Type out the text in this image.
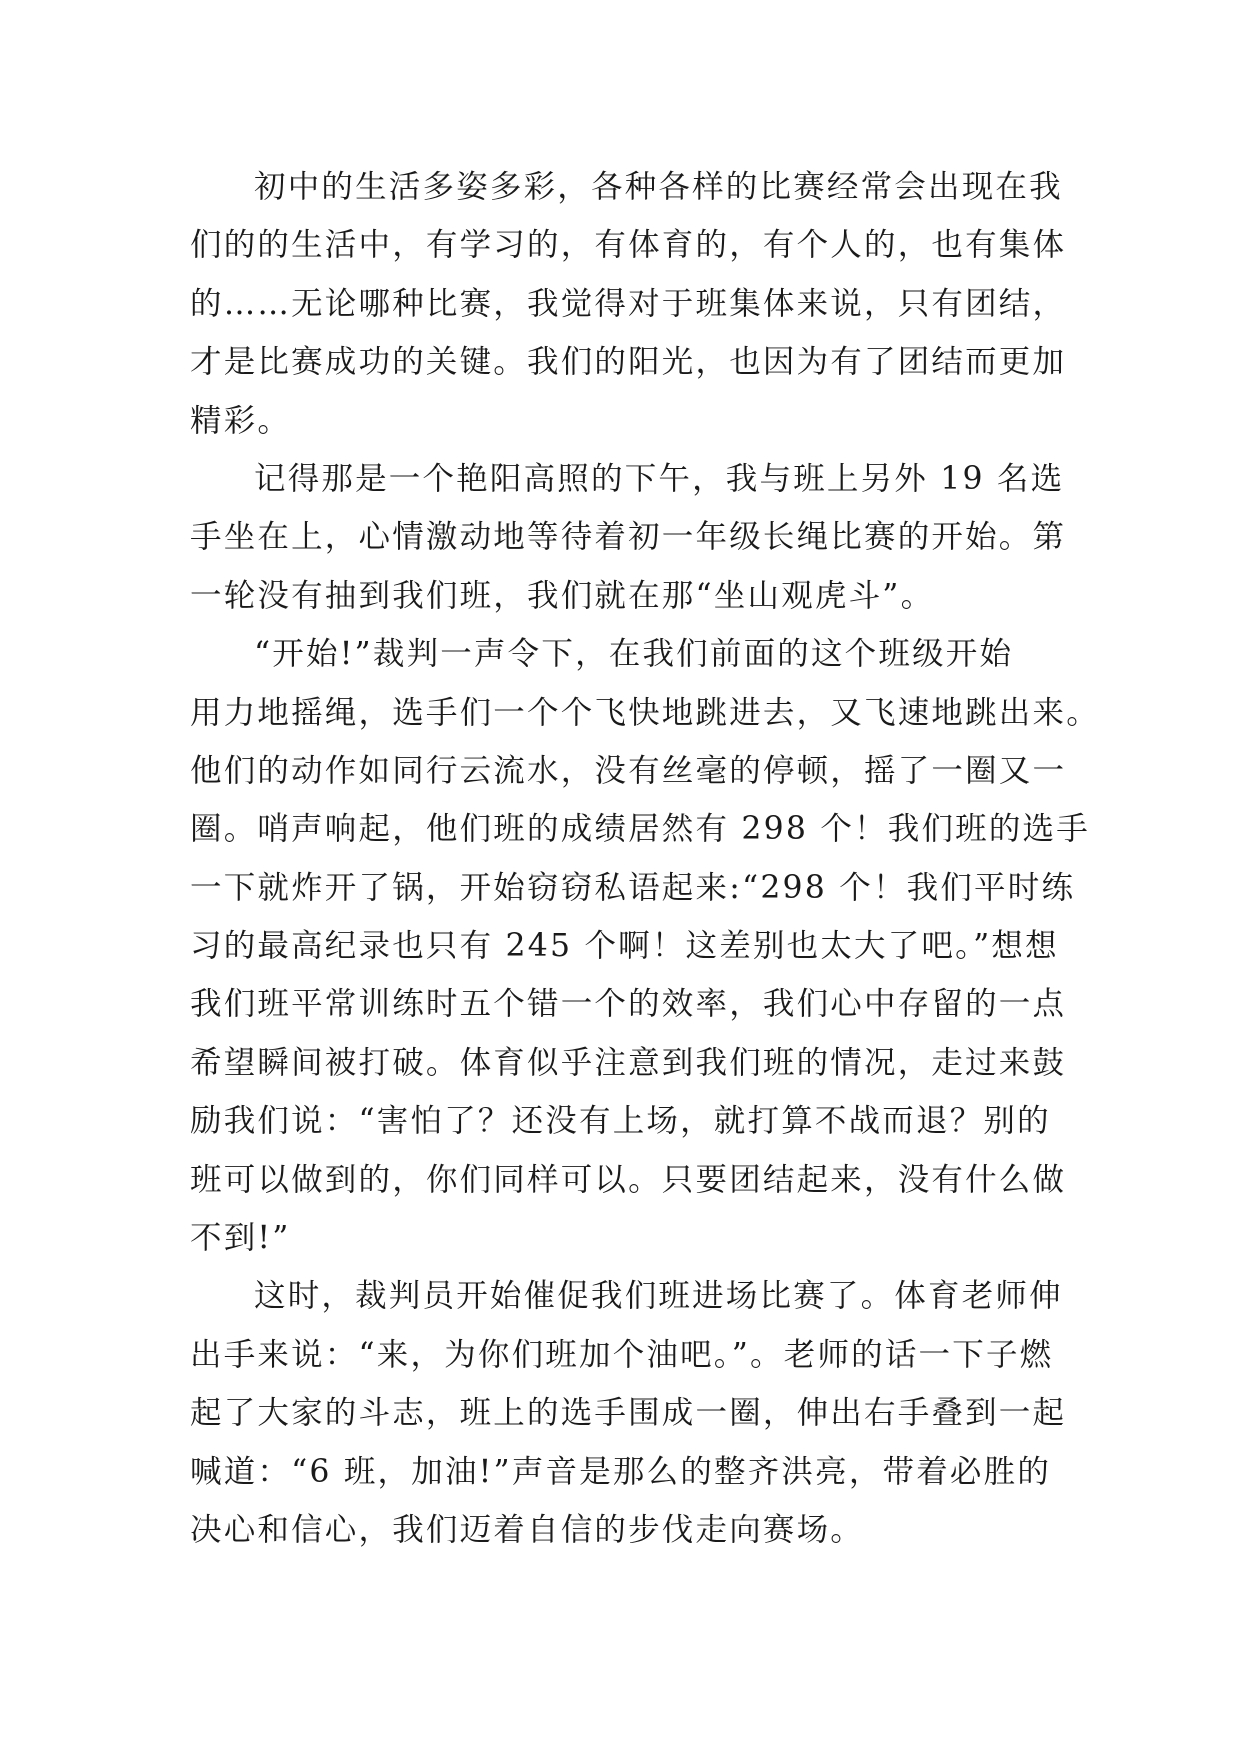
初中的生活多姿多彩，各种各样的比赛经常会出现在我
们的的生活中，有学习的，有体育的，有个人的，也有集体
的……无论哪种比赛，我觉得对于班集体来说，只有团结，
才是比赛成功的关键。我们的阳光，也因为有了团结而更加
精彩。
记得那是一个艳阳高照的下午，我与班上另外 19 名选
手坐在上，心情激动地等待着初一年级长绳比赛的开始。第
一轮没有抽到我们班，我们就在那“坐山观虎斗”。
“开始!”裁判一声令下，在我们前面的这个班级开始
用力地摇绳，选手们一个个飞快地跳进去，又飞速地跳出来。
他们的动作如同行云流水，没有丝毫的停顿，摇了一圈又一
圈。哨声响起，他们班的成绩居然有 298 个！我们班的选手
一下就炸开了锅，开始窃窃私语起来:“298 个！我们平时练
习的最高纪录也只有 245 个啊！这差别也太大了吧。”想想
我们班平常训练时五个错一个的效率，我们心中存留的一点
希望瞬间被打破。体育似乎注意到我们班的情况，走过来鼓
励我们说：“害怕了？还没有上场，就打算不战而退？别的
班可以做到的，你们同样可以。只要团结起来，没有什么做
不到!”
这时，裁判员开始催促我们班进场比赛了。体育老师伸
出手来说：“来，为你们班加个油吧。”。老师的话一下子燃
起了大家的斗志，班上的选手围成一圈，伸出右手叠到一起
喊道：“6 班，加油!”声音是那么的整齐洪亮，带着必胜的
决心和信心，我们迈着自信的步伐走向赛场。
